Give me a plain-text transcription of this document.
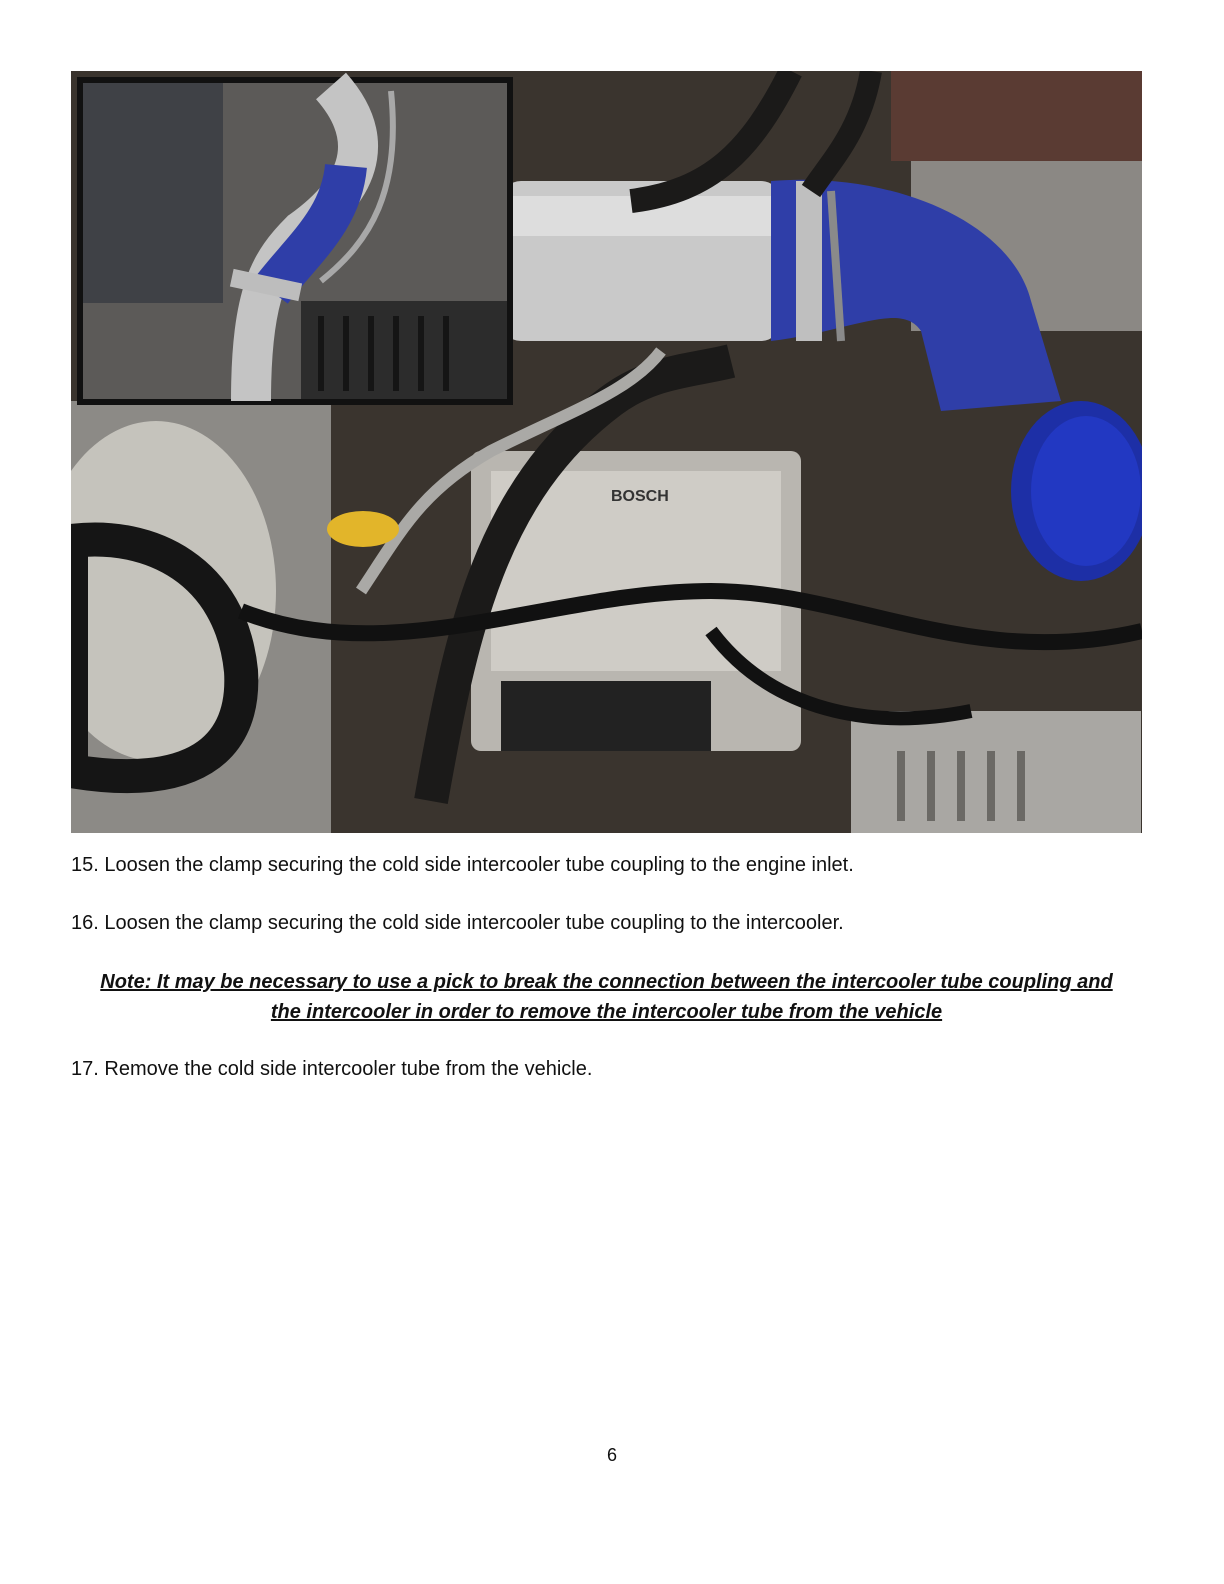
BOSCH
15. Loosen the clamp securing the cold side intercooler tube coupling to the engine inlet.
16. Loosen the clamp securing the cold side intercooler tube coupling to the intercooler.
Note: It may be necessary to use a pick to break the connection between the intercooler tube coupling and
the intercooler in order to remove the intercooler tube from the vehicle
17. Remove the cold side intercooler tube from the vehicle.
6
